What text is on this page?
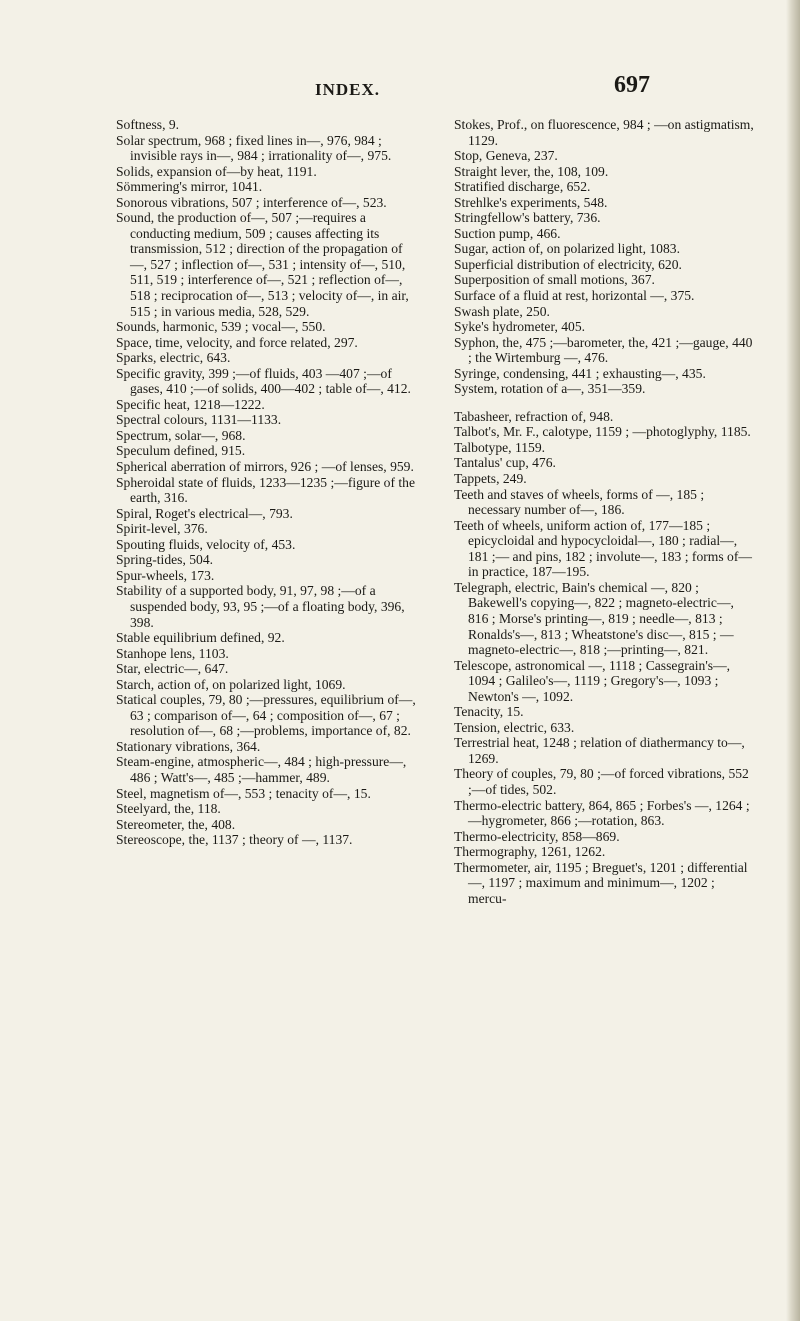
INDEX.	697

Softness, 9.

Solar spectrum, 968 ; fixed lines in—, 976, 984 ; invisible rays in—, 984 ; irrationality of—, 975.

Solids, expansion of—by heat, 1191.

Sömmering's mirror, 1041.

Sonorous vibrations, 507 ; interference of—, 523.

Sound, the production of—, 507 ;—requires a conducting medium, 509 ; causes affecting its transmission, 512 ; direction of the propagation of—, 527 ; inflection of—, 531 ; intensity of—, 510, 511, 519 ; interference of—, 521 ; reflection of—, 518 ; reciprocation of—, 513 ; velocity of—, in air, 515 ; in various media, 528, 529.

Sounds, harmonic, 539 ; vocal—, 550.

Space, time, velocity, and force related, 297.

Sparks, electric, 643.

Specific gravity, 399 ;—of fluids, 403 —407 ;—of gases, 410 ;—of solids, 400—402 ; table of—, 412.

Specific heat, 1218—1222.

Spectral colours, 1131—1133.

Spectrum, solar—, 968.

Speculum defined, 915.

Spherical aberration of mirrors, 926 ; —of lenses, 959.

Spheroidal state of fluids, 1233—1235 ;—figure of the earth, 316.

Spiral, Roget's electrical—, 793.

Spirit-level, 376.

Spouting fluids, velocity of, 453.

Spring-tides, 504.

Spur-wheels, 173.

Stability of a supported body, 91, 97, 98 ;—of a suspended body, 93, 95 ;—of a floating body, 396, 398.

Stable equilibrium defined, 92.

Stanhope lens, 1103.

Star, electric—, 647.

Starch, action of, on polarized light, 1069.

Statical couples, 79, 80 ;—pressures, equilibrium of—, 63 ; comparison of—, 64 ; composition of—, 67 ; resolution of—, 68 ;—problems, importance of, 82.

Stationary vibrations, 364.

Steam-engine, atmospheric—, 484 ; high-pressure—, 486 ; Watt's—, 485 ;—hammer, 489.

Steel, magnetism of—, 553 ; tenacity of—, 15.

Steelyard, the, 118.

Stereometer, the, 408.

Stereoscope, the, 1137 ; theory of —, 1137.

Stokes, Prof., on fluorescence, 984 ; —on astigmatism, 1129.

Stop, Geneva, 237.

Straight lever, the, 108, 109.

Stratified discharge, 652.

Strehlke's experiments, 548.

Stringfellow's battery, 736.

Suction pump, 466.

Sugar, action of, on polarized light, 1083.

Superficial distribution of electricity, 620.

Superposition of small motions, 367.

Surface of a fluid at rest, horizontal —, 375.

Swash plate, 250.

Syke's hydrometer, 405.

Syphon, the, 475 ;—barometer, the, 421 ;—gauge, 440 ; the Wirtemburg —, 476.

Syringe, condensing, 441 ; exhausting—, 435.

System, rotation of a—, 351—359.

Tabasheer, refraction of, 948.

Talbot's, Mr. F., calotype, 1159 ; —photoglyphy, 1185.

Talbotype, 1159.

Tantalus' cup, 476.

Tappets, 249.

Teeth and staves of wheels, forms of —, 185 ; necessary number of—, 186.

Teeth of wheels, uniform action of, 177—185 ; epicycloidal and hypocycloidal—, 180 ; radial—, 181 ;— and pins, 182 ; involute—, 183 ; forms of—in practice, 187—195.

Telegraph, electric, Bain's chemical —, 820 ; Bakewell's copying—, 822 ; magneto-electric—, 816 ; Morse's printing—, 819 ; needle—, 813 ; Ronalds's—, 813 ; Wheatstone's disc—, 815 ; —magneto-electric—, 818 ;—printing—, 821.

Telescope, astronomical —, 1118 ; Cassegrain's—, 1094 ; Galileo's—, 1119 ; Gregory's—, 1093 ; Newton's —, 1092.

Tenacity, 15.

Tension, electric, 633.

Terrestrial heat, 1248 ; relation of diathermancy to—, 1269.

Theory of couples, 79, 80 ;—of forced vibrations, 552 ;—of tides, 502.

Thermo-electric battery, 864, 865 ; Forbes's —, 1264 ; —hygrometer, 866 ;—rotation, 863.

Thermo-electricity, 858—869.

Thermography, 1261, 1262.

Thermometer, air, 1195 ; Breguet's, 1201 ; differential—, 1197 ; maximum and minimum—, 1202 ; mercu-
